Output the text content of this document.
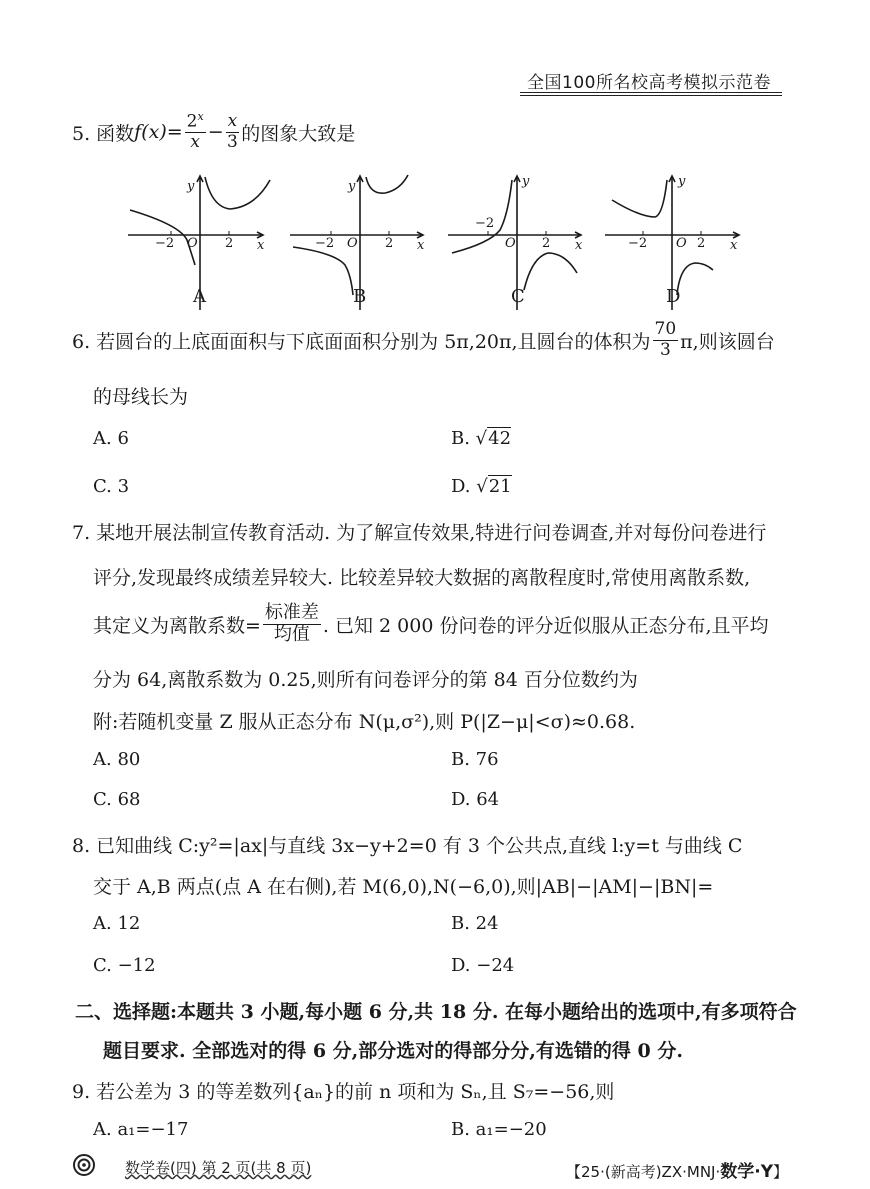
全国100所名校高考模拟示范卷
5. 函数 $f(x)= \frac{2^x}{x} - \frac{x}{3}$ 的图象大致是
−2 O 2 x
y
−2 O 2 x
y
−2
O 2 x
y
−2 O 2 x
y
A	B	C	D
6. 若圆台的上底面面积与下底面面积分别为 5π,20π,且圆台的体积为 $\frac{70}{3} \pi$,则该圆台
的母线长为
A. 6	B. √42
C. 3	D. √21
7. 某地开展法制宣传教育活动. 为了解宣传效果,特进行问卷调查,并对每份问卷进行
评分,发现最终成绩差异较大. 比较差异较大数据的离散程度时,常使用离散系数,
其定义为离散系数= $\frac{\text{标准差}}{\text{均值}}$ . 已知 2 000 份问卷的评分近似服从正态分布,且平均
分为 64,离散系数为 0.25,则所有问卷评分的第 84 百分位数约为
附:若随机变量 Z 服从正态分布 N(μ,σ²),则 P(|Z−μ|<σ)≈0.68.
A. 80	B. 76
C. 68	D. 64
8. 已知曲线 C:y²=|ax|与直线 3x−y+2=0 有 3 个公共点,直线 l:y=t 与曲线 C
交于 A,B 两点(点 A 在右侧),若 M(6,0),N(−6,0),则|AB|−|AM|−|BN|=
A. 12	B. 24
C. −12	D. −24
二、选择题:本题共 3 小题,每小题 6 分,共 18 分. 在每小题给出的选项中,有多项符合
题目要求. 全部选对的得 6 分,部分选对的得部分分,有选错的得 0 分.
9. 若公差为 3 的等差数列{aₙ}的前 n 项和为 Sₙ,且 S₇=−56,则
A. a₁=−17	B. a₁=−20
数学卷(四) 第 2 页(共 8 页)	【25·(新高考)ZX·MNJ·数学·Y】
